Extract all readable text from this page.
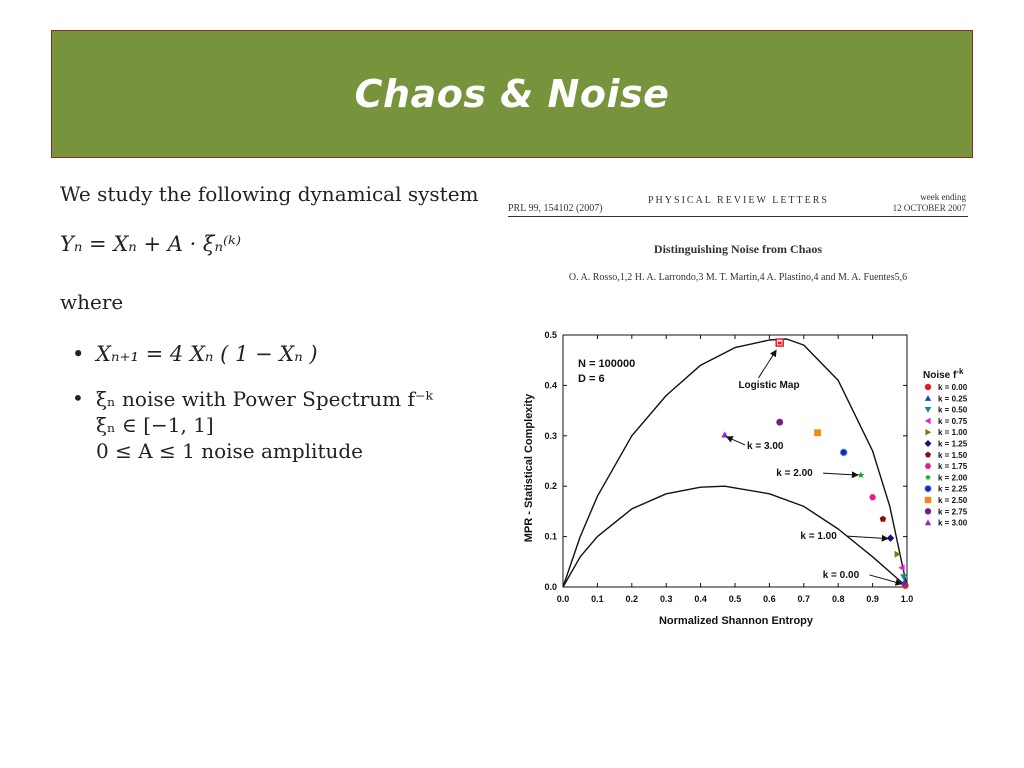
Chaos & Noise

We study the following dynamical system

Yₙ = Xₙ + A · ξₙ⁽ᵏ⁾
where
• Xₙ₊₁ = 4 Xₙ ( 1 − Xₙ )
• ξₙ noise with Power Spectrum f⁻ᵏ
ξₙ ∈ [−1, 1]
0 ≤ A ≤ 1 noise amplitude
PRL 99, 154102 (2007)
PHYSICAL REVIEW LETTERS	week ending
12 OCTOBER 2007
Distinguishing Noise from Chaos
O. A. Rosso,1,2 H. A. Larrondo,3 M. T. Martin,4 A. Plastino,4 and M. A. Fuentes5,6
0.0 0.1 0.2 0.3 0.4 0.5 0.6 0.7 0.8 0.9 1.0
0.0
0.1
0.2
0.3
0.4
0.5
Logistic Map
k = 3.00
k = 2.00
k = 1.00
k = 0.00
Normalized Shannon Entropy
MPR - Statistical Complexity
N = 100000
D = 6	Noise $f^{-k}$
k = 0.00
k = 0.25
k = 0.50
k = 0.75
k = 1.00
k = 1.25
k = 1.50
k = 1.75
k = 2.00
k = 2.25
k = 2.50
k = 2.75
k = 3.00
